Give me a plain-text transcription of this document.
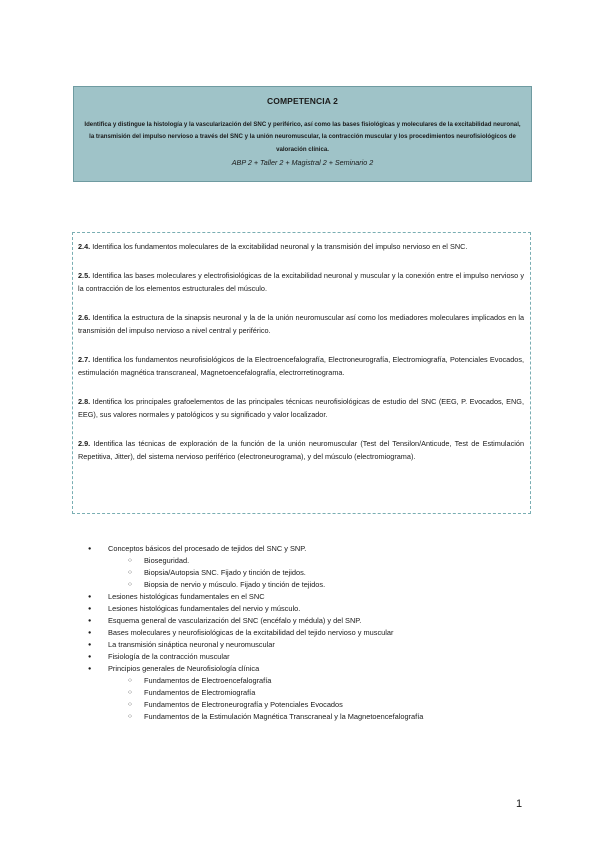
COMPETENCIA 2

Identifica y distingue la histología y la vascularización del SNC y periférico, así como las bases fisiológicas y moleculares de la excitabilidad neuronal, la transmisión del impulso nervioso a través del SNC y la unión neuromuscular, la contracción muscular y los procedimientos neurofisiológicos de valoración clínica.

ABP 2 + Taller 2 + Magistral 2 + Seminario 2

2.4. Identifica los fundamentos moleculares de la excitabilidad neuronal y la transmisión del impulso nervioso en el SNC.

2.5. Identifica las bases moleculares y electrofisiológicas de la excitabilidad neuronal y muscular y la conexión entre el impulso nervioso y la contracción de los elementos estructurales del músculo.

2.6. Identifica la estructura de la sinapsis neuronal y la de la unión neuromuscular así como los mediadores moleculares implicados en la transmisión del impulso nervioso a nivel central y periférico.

2.7. Identifica los fundamentos neurofisiológicos de la Electroencefalografía, Electroneurografía, Electromiografía, Potenciales Evocados, estimulación magnética transcraneal, Magnetoencefalografía, electrorretinograma.

2.8. Identifica los principales grafoelementos de las principales técnicas neurofisiológicas de estudio del SNC (EEG, P. Evocados, ENG, EEG), sus valores normales y patológicos y su significado y valor localizador.

2.9. Identifica las técnicas de exploración de la función de la unión neuromuscular (Test del Tensilon/Anticude, Test de Estimulación Repetitiva, Jitter), del sistema nervioso periférico (electroneurograma), y del músculo (electromiograma).

● Conceptos básicos del procesado de tejidos del SNC y SNP.
○ Bioseguridad.
○ Biopsia/Autopsia SNC. Fijado y tinción de tejidos.
○ Biopsia de nervio y músculo. Fijado y tinción de tejidos.
● Lesiones histológicas fundamentales en el SNC
● Lesiones histológicas fundamentales del nervio y músculo.
● Esquema general de vascularización del SNC (encéfalo y médula) y del SNP.
● Bases moleculares y neurofisiológicas de la excitabilidad del tejido nervioso y muscular
● La transmisión sináptica neuronal y neuromuscular
● Fisiología de la contracción muscular
● Principios generales de Neurofisiología clínica
○ Fundamentos de Electroencefalografía
○ Fundamentos de Electromiografía
○ Fundamentos de Electroneurografía y Potenciales Evocados
○ Fundamentos de la Estimulación Magnética Transcraneal y la Magnetoencefalografía
1
